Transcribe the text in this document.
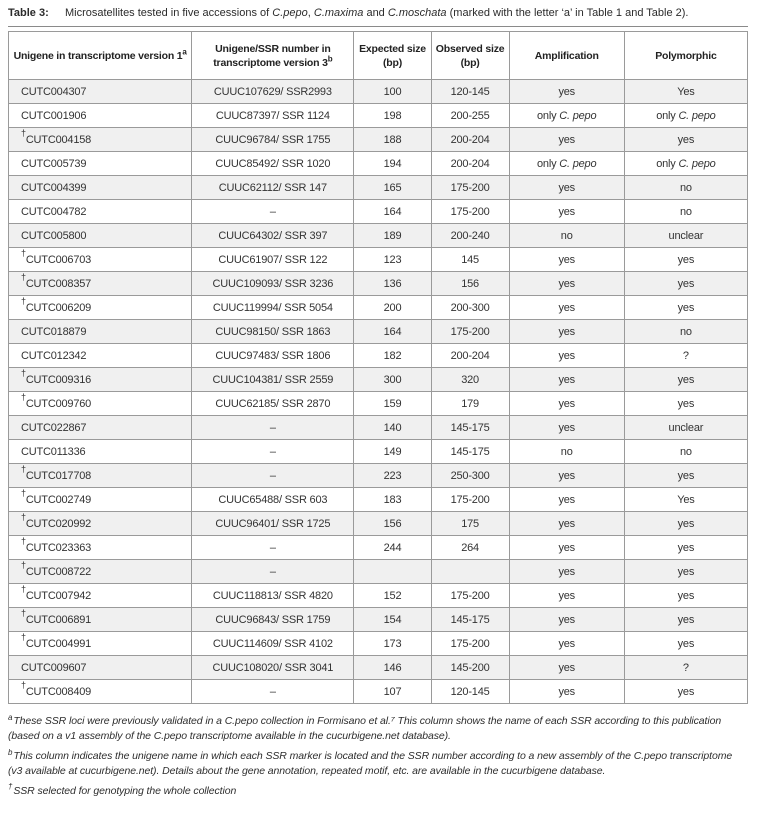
Table 3:	Microsatellites tested in five accessions of C.pepo, C.maxima and C.moschata (marked with the letter ‘a’ in Table 1 and Table 2).
Unigene in transcriptome version 1$^a$	Unigene/SSR number in transcriptome version 3$^b$	Expected size (bp)	Observed size (bp)	Amplification	Polymorphic
CUTC004307	CUUC107629/ SSR2993	100	120-145	yes	Yes
CUTC001906	CUUC87397/ SSR 1124	198	200-255	only C. pepo	only C. pepo
†CUTC004158	CUUC96784/ SSR 1755	188	200-204	yes	yes
CUTC005739	CUUC85492/ SSR 1020	194	200-204	only C. pepo	only C. pepo
CUTC004399	CUUC62112/ SSR 147	165	175-200	yes	no
CUTC004782	–	164	175-200	yes	no
CUTC005800	CUUC64302/ SSR 397	189	200-240	no	unclear
†CUTC006703	CUUC61907/ SSR 122	123	145	yes	yes
†CUTC008357	CUUC109093/ SSR 3236	136	156	yes	yes
†CUTC006209	CUUC119994/ SSR 5054	200	200-300	yes	yes
CUTC018879	CUUC98150/ SSR 1863	164	175-200	yes	no
CUTC012342	CUUC97483/ SSR 1806	182	200-204	yes	?
†CUTC009316	CUUC104381/ SSR 2559	300	320	yes	yes
†CUTC009760	CUUC62185/ SSR 2870	159	179	yes	yes
CUTC022867	–	140	145-175	yes	unclear
CUTC011336	–	149	145-175	no	no
†CUTC017708	–	223	250-300	yes	yes
†CUTC002749	CUUC65488/ SSR 603	183	175-200	yes	Yes
†CUTC020992	CUUC96401/ SSR 1725	156	175	yes	yes
†CUTC023363	–	244	264	yes	yes
†CUTC008722	–			yes	yes
†CUTC007942	CUUC118813/ SSR 4820	152	175-200	yes	yes
†CUTC006891	CUUC96843/ SSR 1759	154	145-175	yes	yes
†CUTC004991	CUUC114609/ SSR 4102	173	175-200	yes	yes
CUTC009607	CUUC108020/ SSR 3041	146	145-200	yes	?
†CUTC008409	–	107	120-145	yes	yes

$^a$These SSR loci were previously validated in a C.pepo collection in Formisano et al.⁷ This column shows the name of each SSR according to this publication (based on a v1 assembly of the C.pepo transcriptome available in the cucurbigene.net database).

$^b$This column indicates the unigene name in which each SSR marker is located and the SSR number according to a new assembly of the C.pepo transcriptome (v3 available at cucurbigene.net). Details about the gene annotation, repeated motif, etc. are available in the cucurbigene database.

†SSR selected for genotyping the whole collection
